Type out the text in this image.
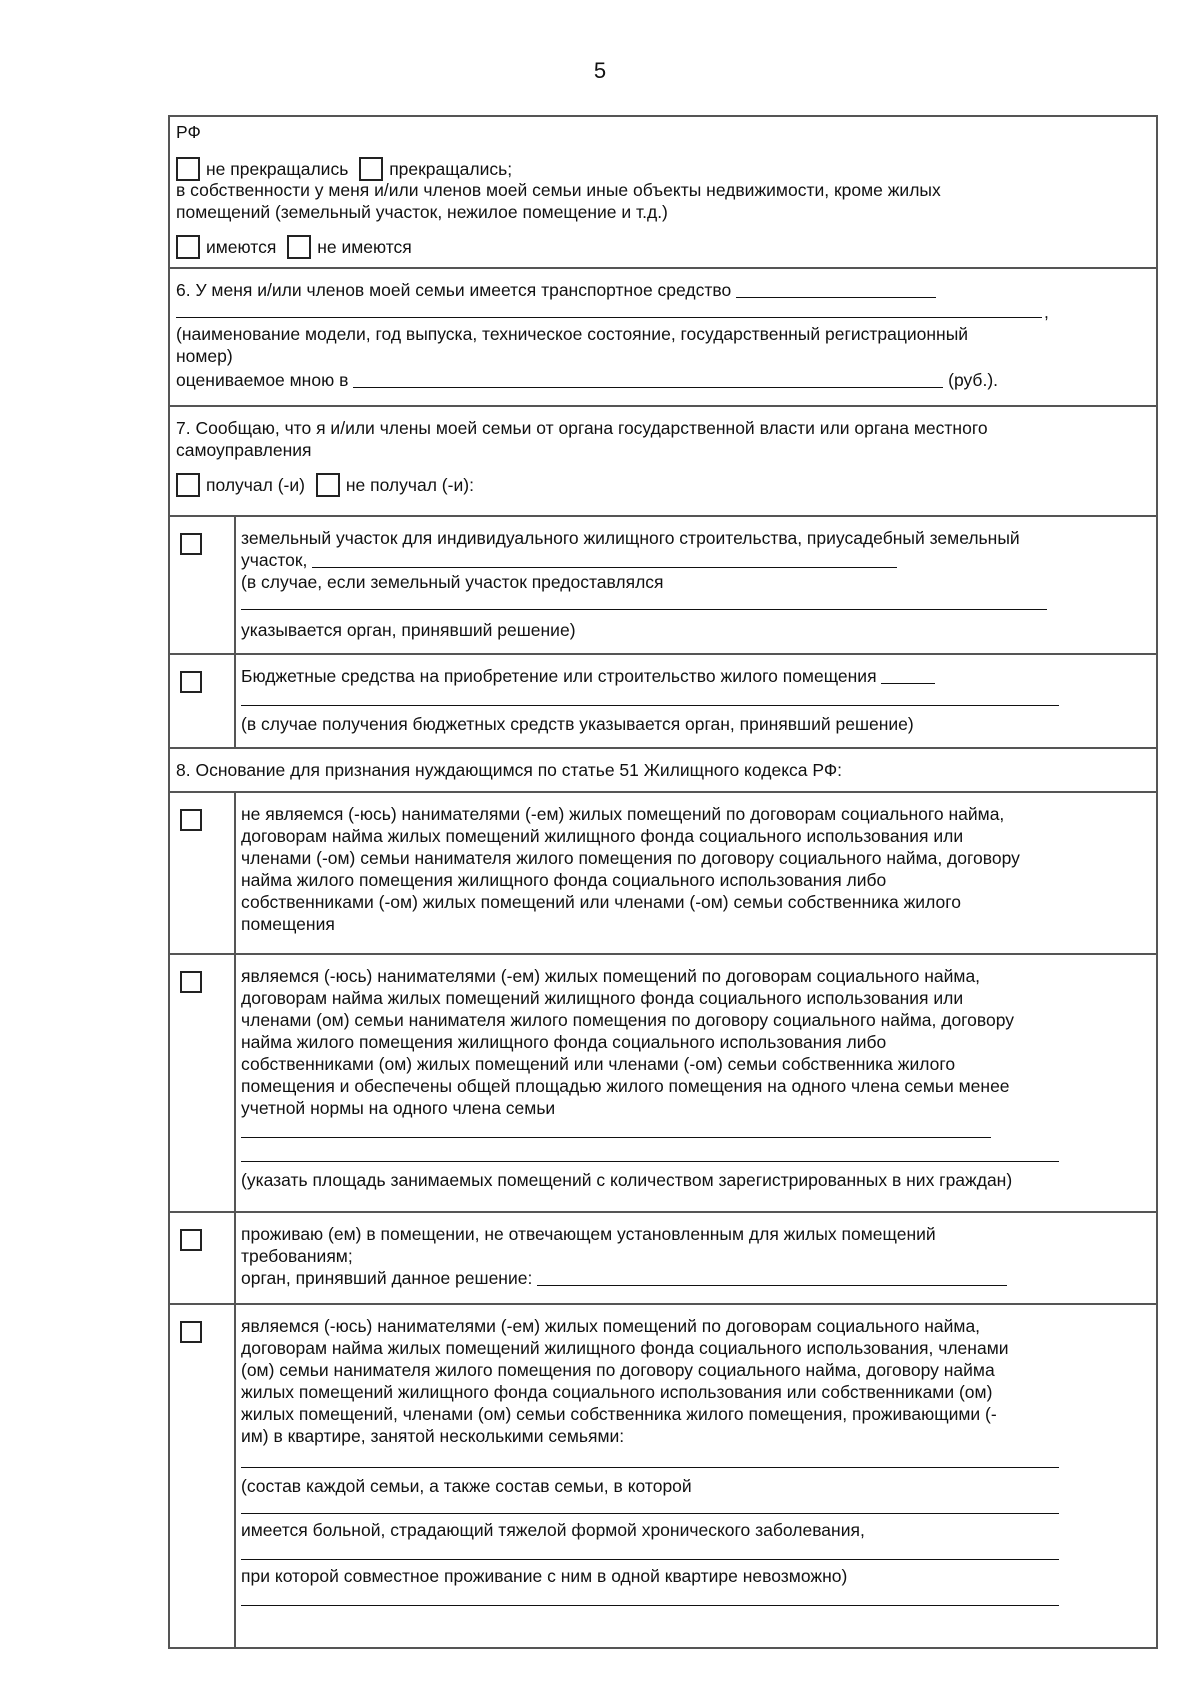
5
РФ
не прекращались прекращались;
в собственности у меня и/или членов моей семьи иные объекты недвижимости, кроме жилых
помещений (земельный участок, нежилое помещение и т.д.)
имеются не имеются
6. У меня и/или членов моей семьи имеется транспортное средство
,
(наименование модели, год выпуска, техническое состояние, государственный регистрационный
номер)
оцениваемое мною в	(руб.).
7. Сообщаю, что я и/или члены моей семьи от органа государственной власти или органа местного
самоуправления
получал (-и) не получал (-и):
земельный участок для индивидуального жилищного строительства, приусадебный земельный
участок,
(в случае, если земельный участок предоставлялся
указывается орган, принявший решение)
Бюджетные средства на приобретение или строительство жилого помещения
(в случае получения бюджетных средств указывается орган, принявший решение)
8. Основание для признания нуждающимся по статье 51 Жилищного кодекса РФ:
не являемся (-юсь) нанимателями (-ем) жилых помещений по договорам социального найма,
договорам найма жилых помещений жилищного фонда социального использования или
членами (-ом) семьи нанимателя жилого помещения по договору социального найма, договору
найма жилого помещения жилищного фонда социального использования либо
собственниками (-ом) жилых помещений или членами (-ом) семьи собственника жилого
помещения
являемся (-юсь) нанимателями (-ем) жилых помещений по договорам социального найма,
договорам найма жилых помещений жилищного фонда социального использования или
членами (ом) семьи нанимателя жилого помещения по договору социального найма, договору
найма жилого помещения жилищного фонда социального использования либо
собственниками (ом) жилых помещений или членами (-ом) семьи собственника жилого
помещения и обеспечены общей площадью жилого помещения на одного члена семьи менее
учетной нормы на одного члена семьи
(указать площадь занимаемых помещений с количеством зарегистрированных в них граждан)
проживаю (ем) в помещении, не отвечающем установленным для жилых помещений
требованиям;
орган, принявший данное решение:
являемся (-юсь) нанимателями (-ем) жилых помещений по договорам социального найма,
договорам найма жилых помещений жилищного фонда социального использования, членами
(ом) семьи нанимателя жилого помещения по договору социального найма, договору найма
жилых помещений жилищного фонда социального использования или собственниками (ом)
жилых помещений, членами (ом) семьи собственника жилого помещения, проживающими (-
им) в квартире, занятой несколькими семьями:
(состав каждой семьи, а также состав семьи, в которой
имеется больной, страдающий тяжелой формой хронического заболевания,
при которой совместное проживание с ним в одной квартире невозможно)
